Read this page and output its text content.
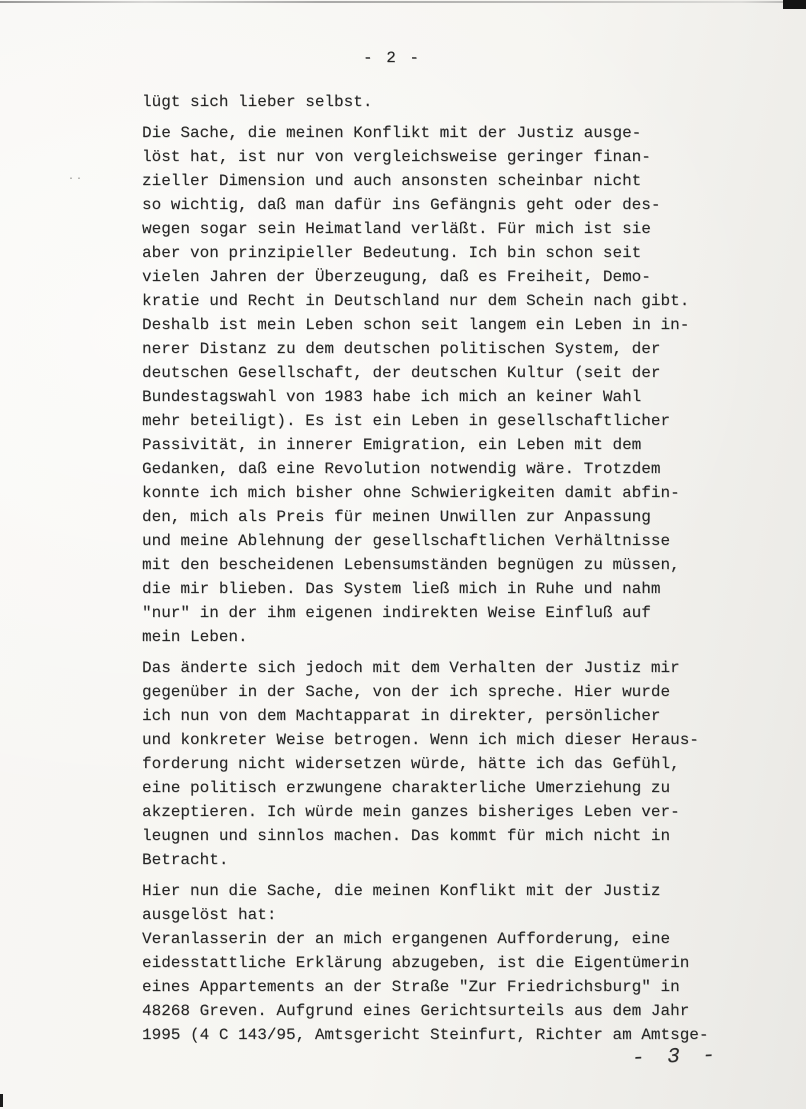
··
- 2 -
lügt sich lieber selbst.
Die Sache, die meinen Konflikt mit der Justiz ausge-
löst hat, ist nur von vergleichsweise geringer finan-
zieller Dimension und auch ansonsten scheinbar nicht
so wichtig, daß man dafür ins Gefängnis geht oder des-
wegen sogar sein Heimatland verläßt. Für mich ist sie
aber von prinzipieller Bedeutung. Ich bin schon seit
vielen Jahren der Überzeugung, daß es Freiheit, Demo-
kratie und Recht in Deutschland nur dem Schein nach gibt.
Deshalb ist mein Leben schon seit langem ein Leben in in-
nerer Distanz zu dem deutschen politischen System, der
deutschen Gesellschaft, der deutschen Kultur (seit der
Bundestagswahl von 1983 habe ich mich an keiner Wahl
mehr beteiligt). Es ist ein Leben in gesellschaftlicher
Passivität, in innerer Emigration, ein Leben mit dem
Gedanken, daß eine Revolution notwendig wäre. Trotzdem
konnte ich mich bisher ohne Schwierigkeiten damit abfin-
den, mich als Preis für meinen Unwillen zur Anpassung
und meine Ablehnung der gesellschaftlichen Verhältnisse
mit den bescheidenen Lebensumständen begnügen zu müssen,
die mir blieben. Das System ließ mich in Ruhe und nahm
"nur" in der ihm eigenen indirekten Weise Einfluß auf
mein Leben.
Das änderte sich jedoch mit dem Verhalten der Justiz mir
gegenüber in der Sache, von der ich spreche. Hier wurde
ich nun von dem Machtapparat in direkter, persönlicher
und konkreter Weise betrogen. Wenn ich mich dieser Heraus-
forderung nicht widersetzen würde, hätte ich das Gefühl,
eine politisch erzwungene charakterliche Umerziehung zu
akzeptieren. Ich würde mein ganzes bisheriges Leben ver-
leugnen und sinnlos machen. Das kommt für mich nicht in
Betracht.
Hier nun die Sache, die meinen Konflikt mit der Justiz
ausgelöst hat:
Veranlasserin der an mich ergangenen Aufforderung, eine
eidesstattliche Erklärung abzugeben, ist die Eigentümerin
eines Appartements an der Straße "Zur Friedrichsburg" in
48268 Greven. Aufgrund eines Gerichtsurteils aus dem Jahr
1995 (4 C 143/95, Amtsgericht Steinfurt, Richter am Amtsge-
- 3 -
